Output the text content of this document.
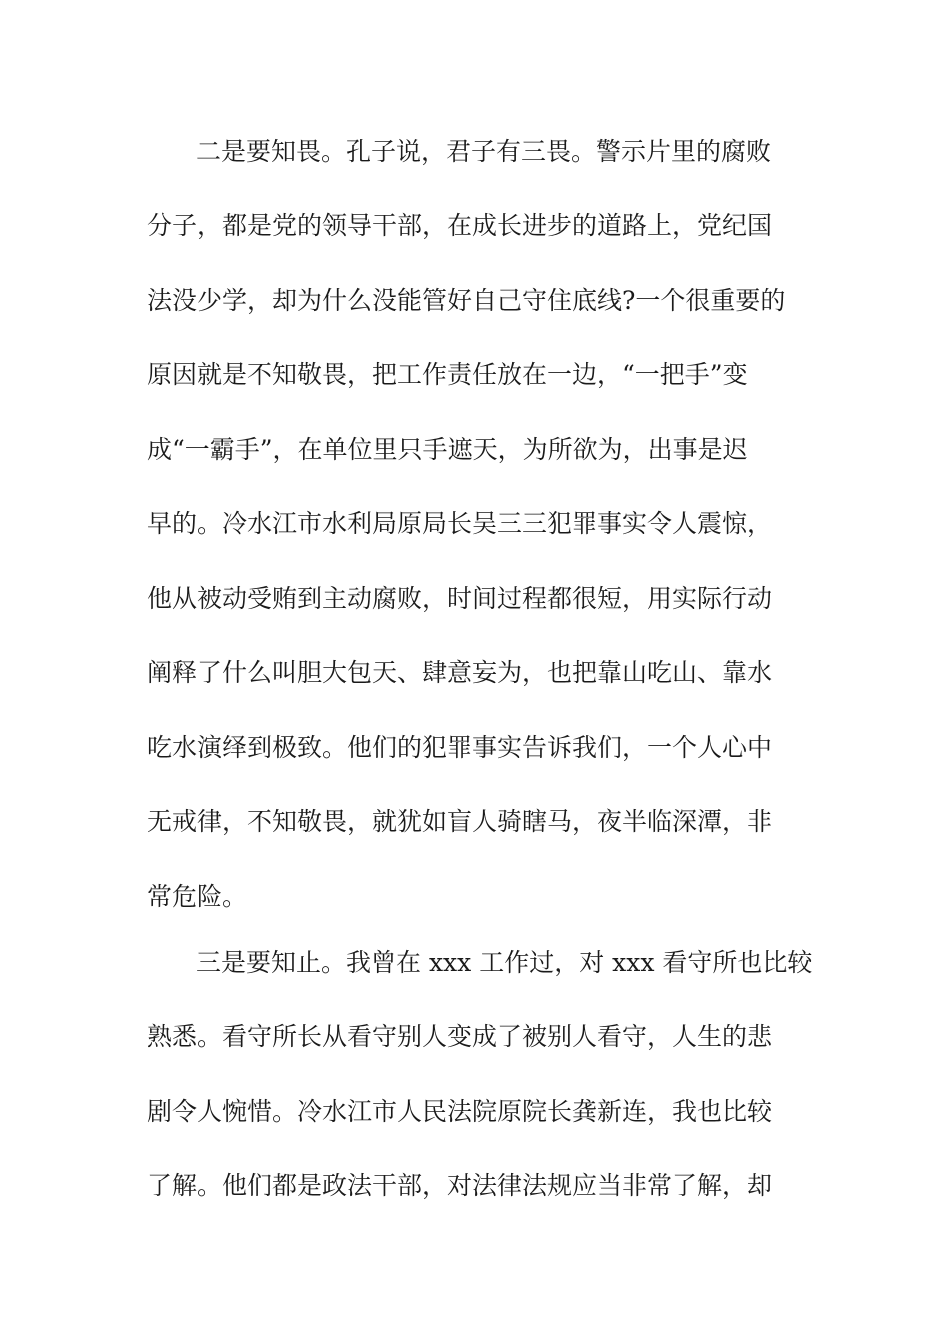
二是要知畏。孔子说，君子有三畏。警示片里的腐败
分子，都是党的领导干部，在成长进步的道路上，党纪国
法没少学，却为什么没能管好自己守住底线?一个很重要的
原因就是不知敬畏，把工作责任放在一边，“一把手”变
成“一霸手”，在单位里只手遮天，为所欲为，出事是迟
早的。冷水江市水利局原局长吴三三犯罪事实令人震惊，
他从被动受贿到主动腐败，时间过程都很短，用实际行动
阐释了什么叫胆大包天、肆意妄为，也把靠山吃山、靠水
吃水演绎到极致。他们的犯罪事实告诉我们，一个人心中
无戒律，不知敬畏，就犹如盲人骑瞎马，夜半临深潭，非
常危险。
三是要知止。我曾在 xxx 工作过，对 xxx 看守所也比较
熟悉。看守所长从看守别人变成了被别人看守，人生的悲
剧令人惋惜。冷水江市人民法院原院长龚新连，我也比较
了解。他们都是政法干部，对法律法规应当非常了解，却
